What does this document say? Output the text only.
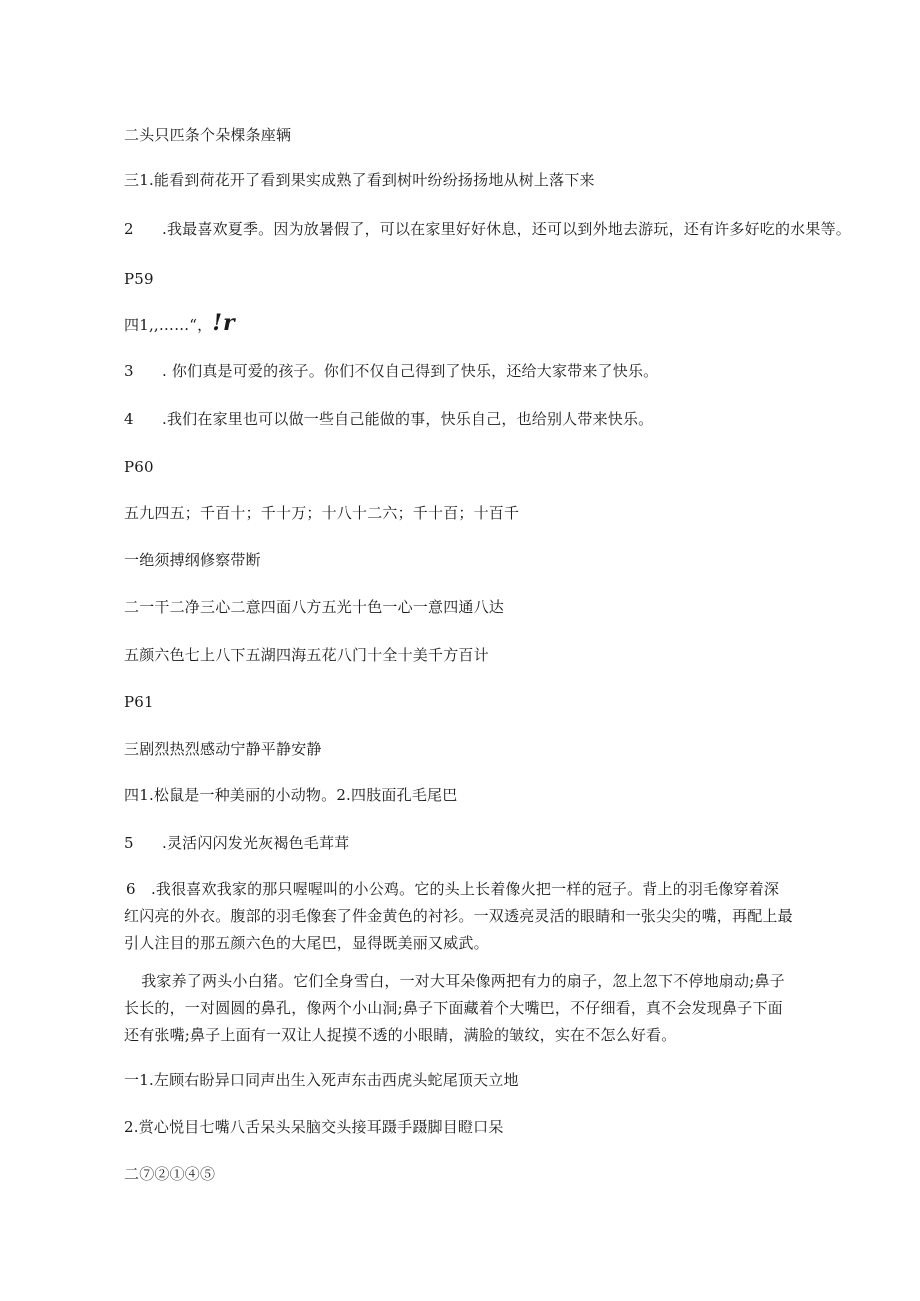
二头只匹条个朵棵条座辆

三1.能看到荷花开了看到果实成熟了看到树叶纷纷扬扬地从树上落下来

2 .我最喜欢夏季。因为放暑假了，可以在家里好好休息，还可以到外地去游玩，还有许多好吃的水果等。

P59

四1,,……“，!r

3 . 你们真是可爱的孩子。你们不仅自己得到了快乐，还给大家带来了快乐。

4 .我们在家里也可以做一些自己能做的事，快乐自己，也给别人带来快乐。

P60

五九四五；千百十；千十万；十八十二六；千十百；十百千

一绝须搏纲修察带断

二一干二净三心二意四面八方五光十色一心一意四通八达

五颜六色七上八下五湖四海五花八门十全十美千方百计

P61

三剧烈热烈感动宁静平静安静

四1.松鼠是一种美丽的小动物。2.四肢面孔毛尾巴

5 .灵活闪闪发光灰褐色毛茸茸

6　.我很喜欢我家的那只喔喔叫的小公鸡。它的头上长着像火把一样的冠子。背上的羽毛像穿着深红闪亮的外衣。腹部的羽毛像套了件金黄色的衬衫。一双透亮灵活的眼睛和一张尖尖的嘴，再配上最引人注目的那五颜六色的大尾巴，显得既美丽又威武。

　我家养了两头小白猪。它们全身雪白，一对大耳朵像两把有力的扇子，忽上忽下不停地扇动;鼻子长长的，一对圆圆的鼻孔，像两个小山洞;鼻子下面藏着个大嘴巴，不仔细看，真不会发现鼻子下面还有张嘴;鼻子上面有一双让人捉摸不透的小眼睛，满脸的皱纹，实在不怎么好看。

一1.左顾右盼异口同声出生入死声东击西虎头蛇尾顶天立地

2.赏心悦目七嘴八舌呆头呆脑交头接耳蹑手蹑脚目瞪口呆

二⑦②①④⑤
